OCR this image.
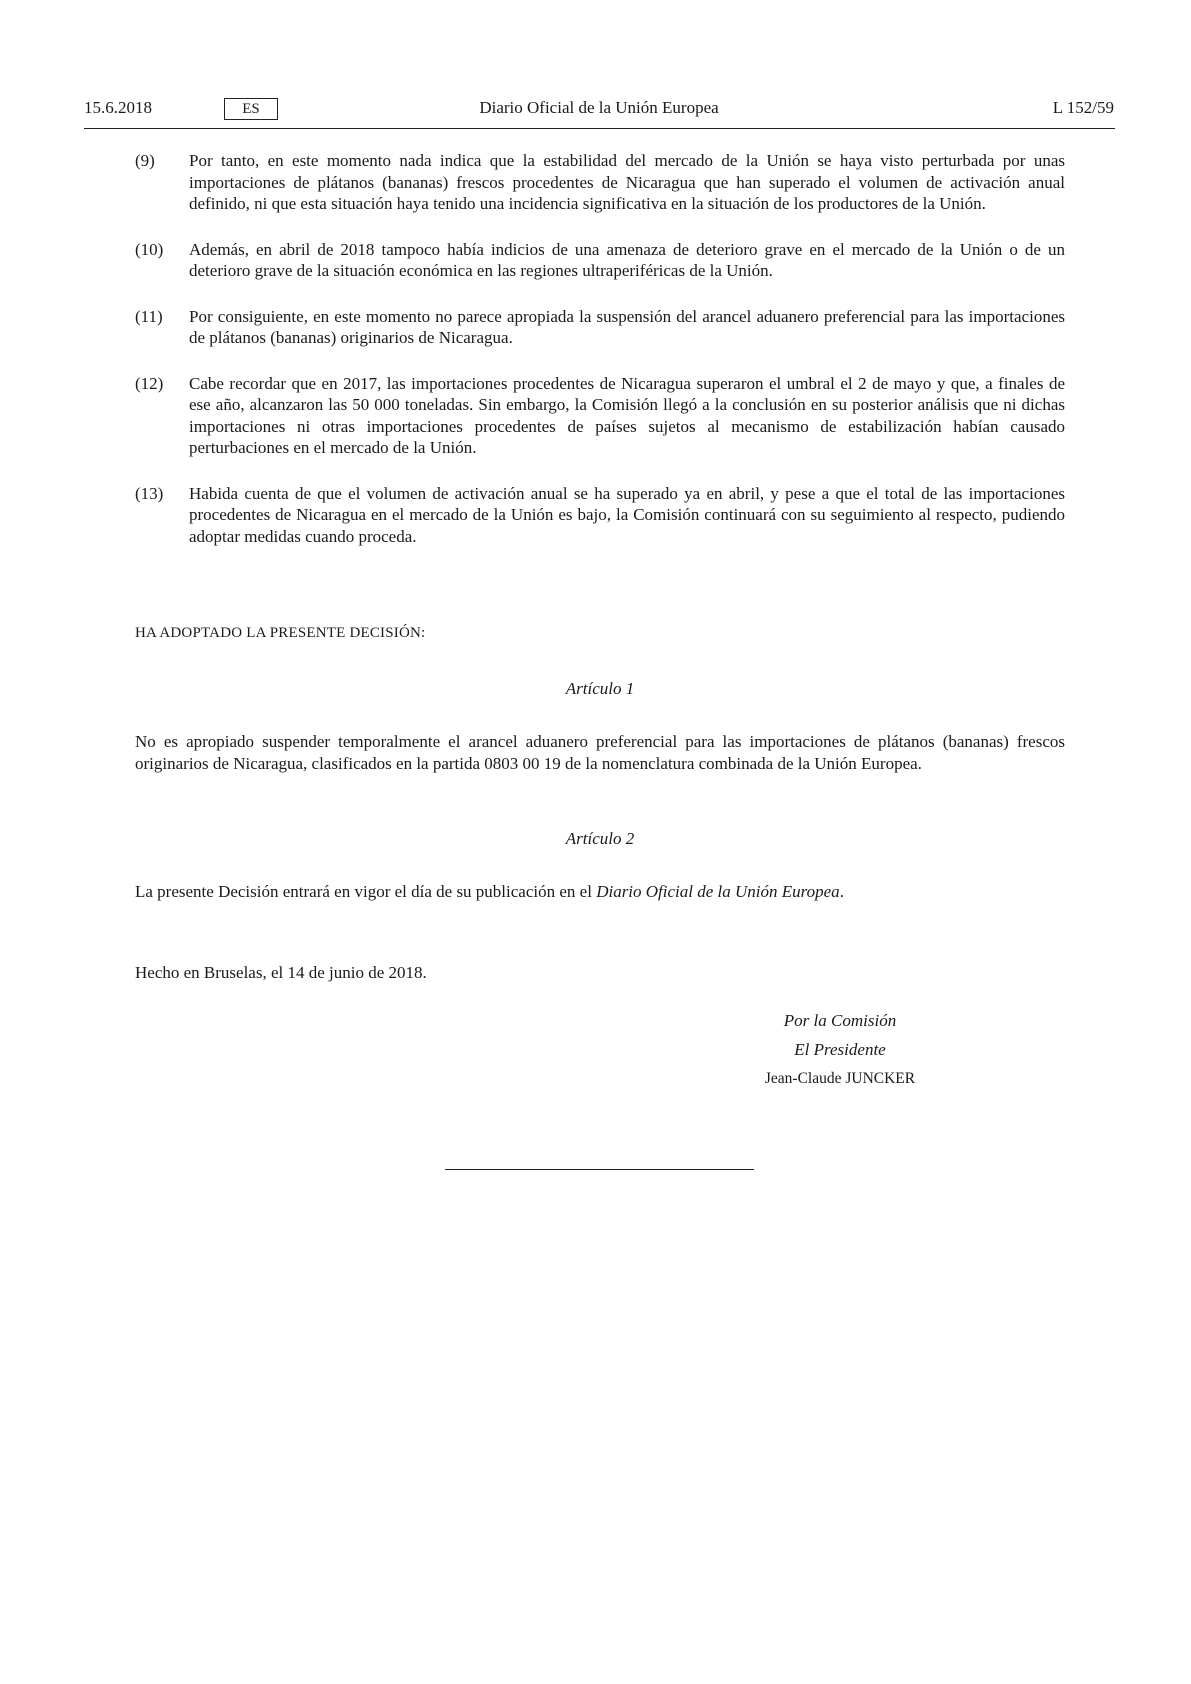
15.6.2018	ES	Diario Oficial de la Unión Europea	L 152/59
(9) Por tanto, en este momento nada indica que la estabilidad del mercado de la Unión se haya visto perturbada por unas importaciones de plátanos (bananas) frescos procedentes de Nicaragua que han superado el volumen de activación anual definido, ni que esta situación haya tenido una incidencia significativa en la situación de los productores de la Unión.
(10) Además, en abril de 2018 tampoco había indicios de una amenaza de deterioro grave en el mercado de la Unión o de un deterioro grave de la situación económica en las regiones ultraperiféricas de la Unión.
(11) Por consiguiente, en este momento no parece apropiada la suspensión del arancel aduanero preferencial para las importaciones de plátanos (bananas) originarios de Nicaragua.
(12) Cabe recordar que en 2017, las importaciones procedentes de Nicaragua superaron el umbral el 2 de mayo y que, a finales de ese año, alcanzaron las 50 000 toneladas. Sin embargo, la Comisión llegó a la conclusión en su posterior análisis que ni dichas importaciones ni otras importaciones procedentes de países sujetos al mecanismo de estabilización habían causado perturbaciones en el mercado de la Unión.
(13) Habida cuenta de que el volumen de activación anual se ha superado ya en abril, y pese a que el total de las importaciones procedentes de Nicaragua en el mercado de la Unión es bajo, la Comisión continuará con su seguimiento al respecto, pudiendo adoptar medidas cuando proceda.
HA ADOPTADO LA PRESENTE DECISIÓN:
Artículo 1
No es apropiado suspender temporalmente el arancel aduanero preferencial para las importaciones de plátanos (bananas) frescos originarios de Nicaragua, clasificados en la partida 0803 00 19 de la nomenclatura combinada de la Unión Europea.
Artículo 2
La presente Decisión entrará en vigor el día de su publicación en el Diario Oficial de la Unión Europea.
Hecho en Bruselas, el 14 de junio de 2018.
Por la Comisión
El Presidente
Jean-Claude JUNCKER
